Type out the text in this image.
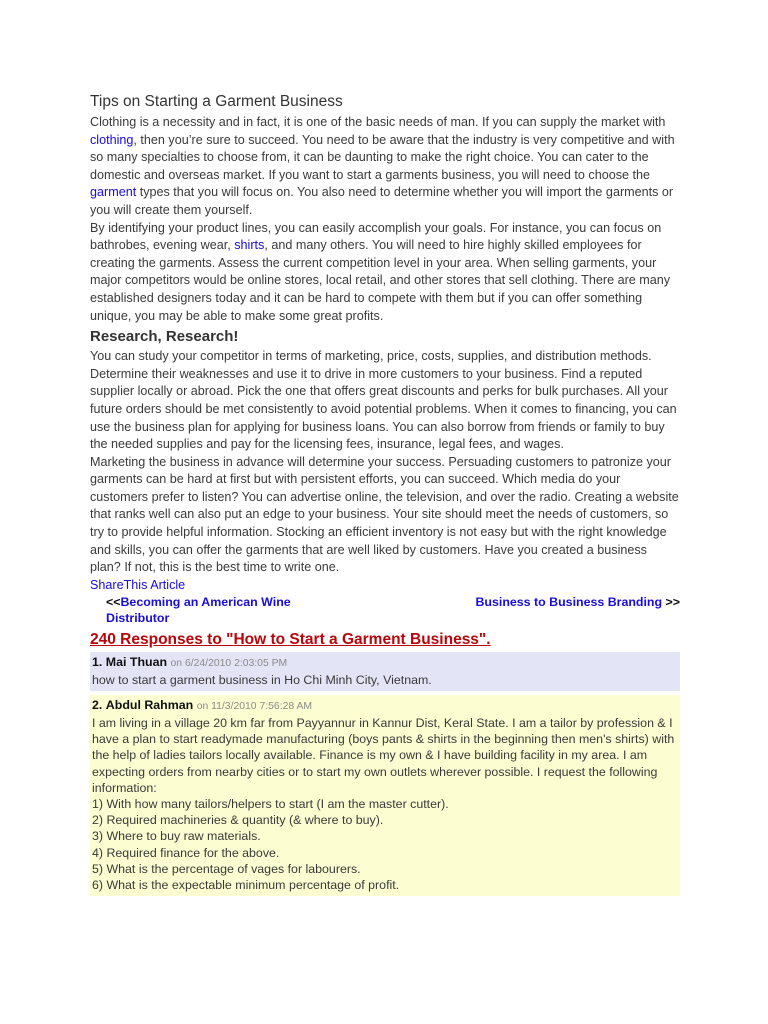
Tips on Starting a Garment Business

Clothing is a necessity and in fact, it is one of the basic needs of man. If you can supply the market with clothing, then you’re sure to succeed. You need to be aware that the industry is very competitive and with so many specialties to choose from, it can be daunting to make the right choice. You can cater to the domestic and overseas market. If you want to start a garments business, you will need to choose the garment types that you will focus on. You also need to determine whether you will import the garments or you will create them yourself.

By identifying your product lines, you can easily accomplish your goals. For instance, you can focus on bathrobes, evening wear, shirts, and many others. You will need to hire highly skilled employees for creating the garments. Assess the current competition level in your area. When selling garments, your major competitors would be online stores, local retail, and other stores that sell clothing. There are many established designers today and it can be hard to compete with them but if you can offer something unique, you may be able to make some great profits.

Research, Research!

You can study your competitor in terms of marketing, price, costs, supplies, and distribution methods. Determine their weaknesses and use it to drive in more customers to your business. Find a reputed supplier locally or abroad. Pick the one that offers great discounts and perks for bulk purchases. All your future orders should be met consistently to avoid potential problems. When it comes to financing, you can use the business plan for applying for business loans. You can also borrow from friends or family to buy the needed supplies and pay for the licensing fees, insurance, legal fees, and wages.

Marketing the business in advance will determine your success. Persuading customers to patronize your garments can be hard at first but with persistent efforts, you can succeed. Which media do your customers prefer to listen? You can advertise online, the television, and over the radio. Creating a website that ranks well can also put an edge to your business. Your site should meet the needs of customers, so try to provide helpful information. Stocking an efficient inventory is not easy but with the right knowledge and skills, you can offer the garments that are well liked by customers. Have you created a business plan? If not, this is the best time to write one.

ShareThis Article
<<Becoming an American Wine Distributor
Business to Business Branding >>
240 Responses to "How to Start a Garment Business".
1. Mai Thuan on 6/24/2010 2:03:05 PM
how to start a garment business in Ho Chi Minh City, Vietnam.
2. Abdul Rahman on 11/3/2010 7:56:28 AM
I am living in a village 20 km far from Payyannur in Kannur Dist, Keral State. I am a tailor by profession & I have a plan to start readymade manufacturing (boys pants & shirts in the beginning then men's shirts) with the help of ladies tailors locally available. Finance is my own & I have building facility in my area. I am expecting orders from nearby cities or to start my own outlets wherever possible. I request the following information:
1) With how many tailors/helpers to start (I am the master cutter).
2) Required machineries & quantity (& where to buy).
3) Where to buy raw materials.
4) Required finance for the above.
5) What is the percentage of vages for labourers.
6) What is the expectable minimum percentage of profit.
